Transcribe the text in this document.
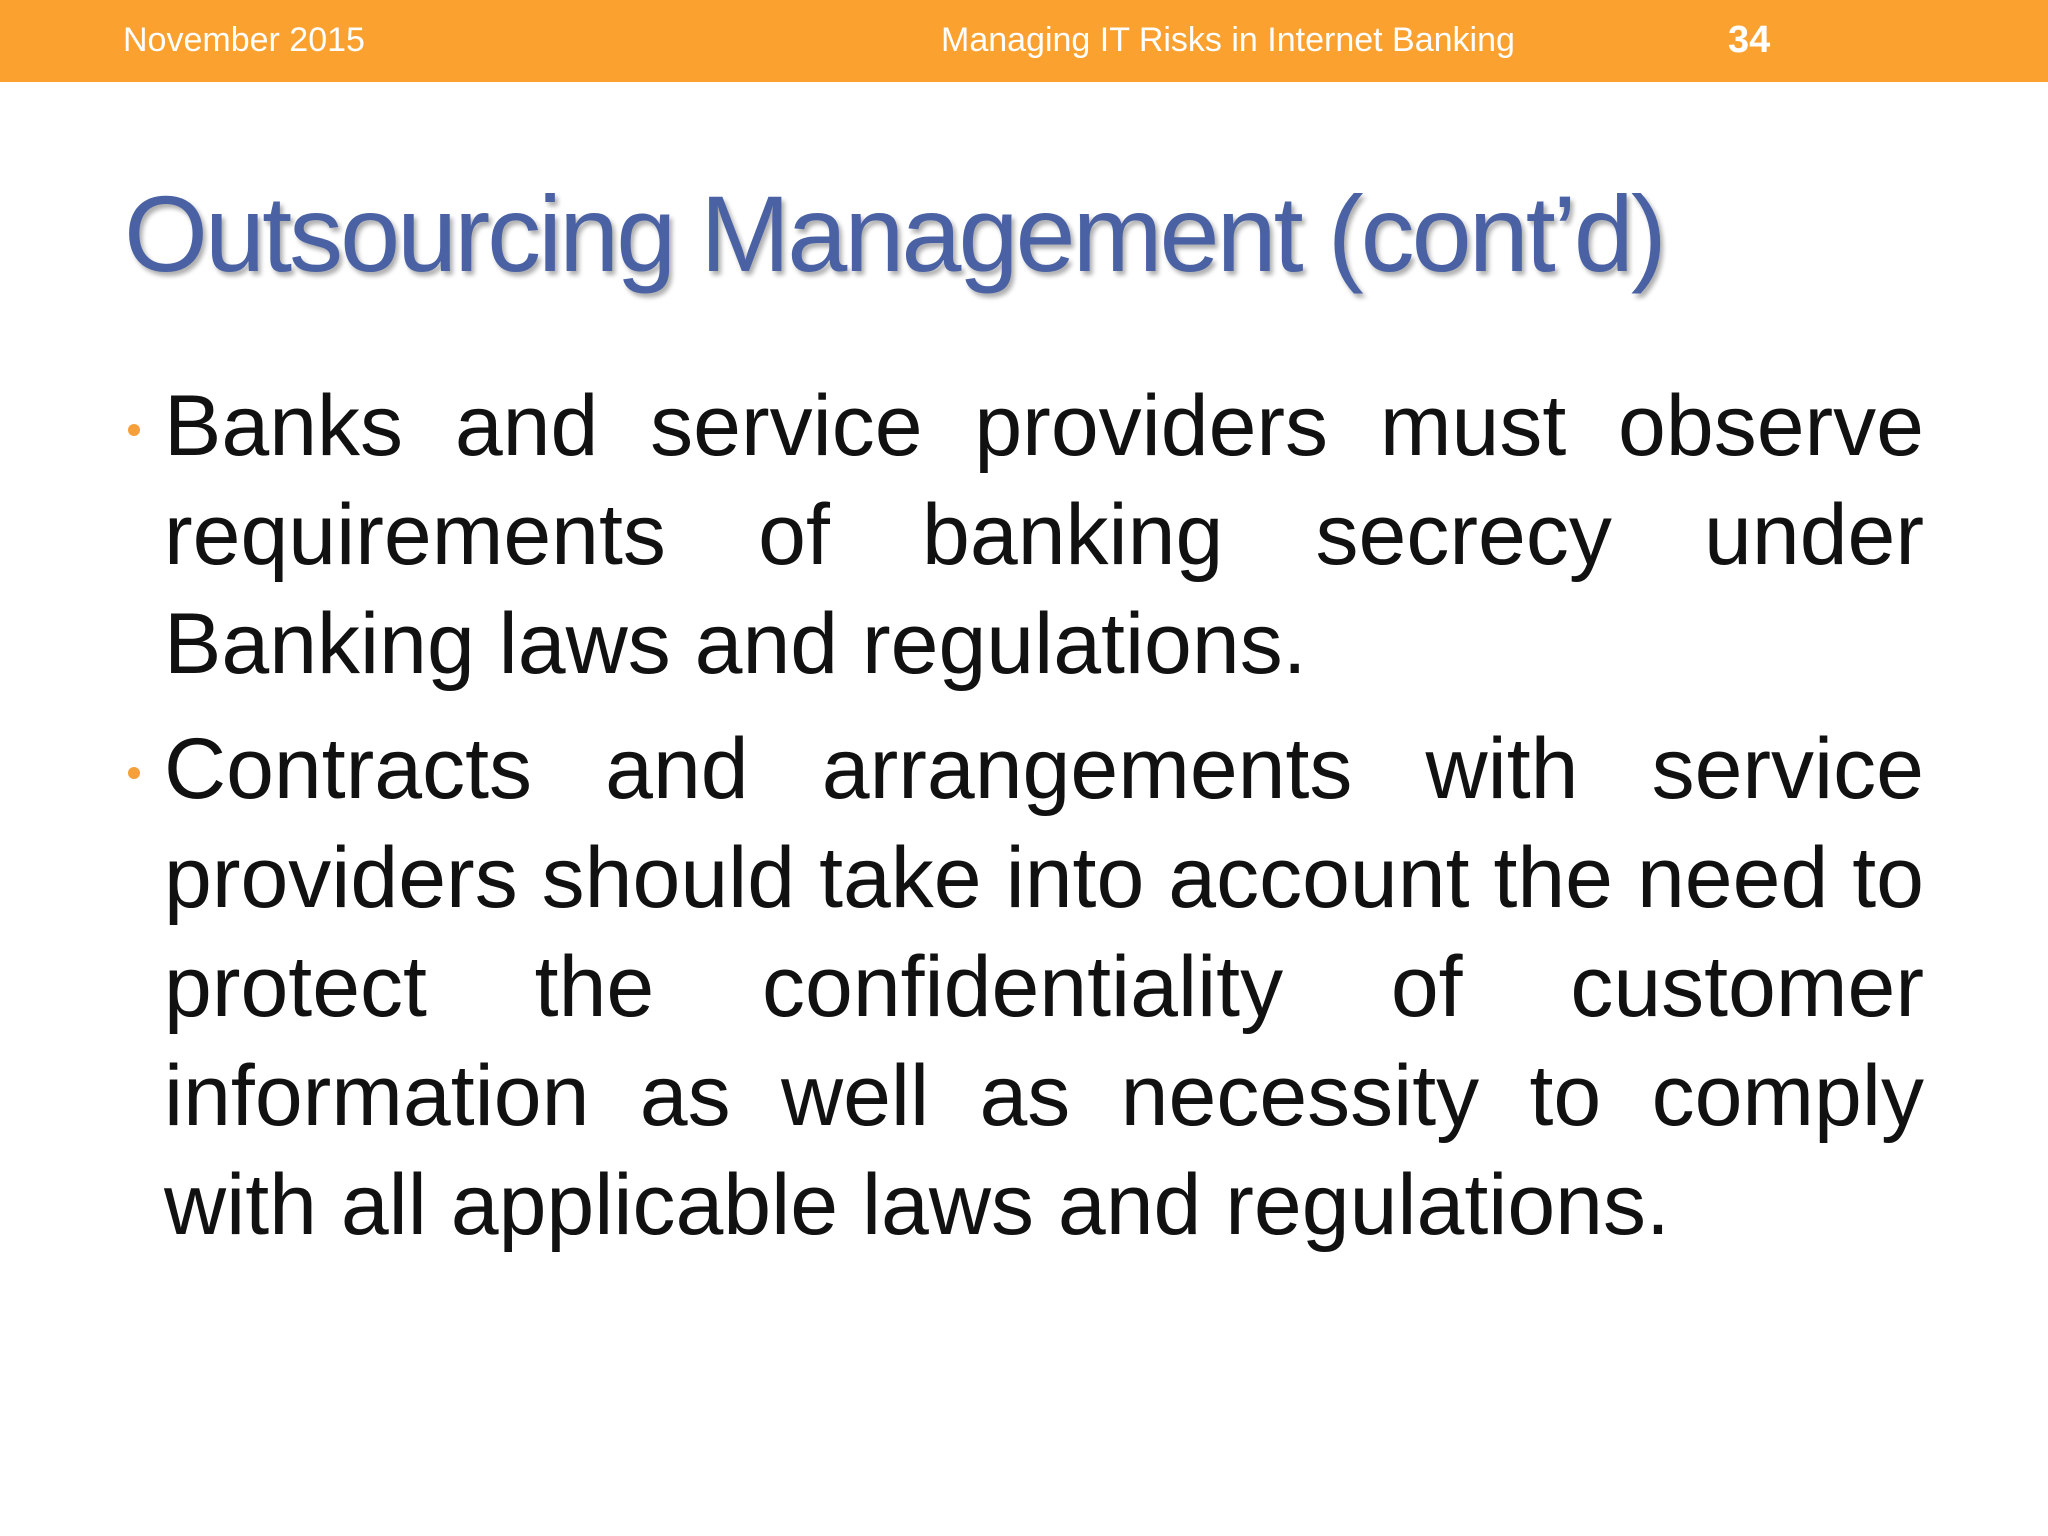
November 2015	Managing IT Risks in Internet Banking	34
Outsourcing Management (cont’d)
Banks and service providers must observe requirements of banking secrecy under Banking laws and regulations.
Contracts and arrangements with service providers should take into account the need to protect the confidentiality of customer information as well as necessity to comply with all applicable laws and regulations.
